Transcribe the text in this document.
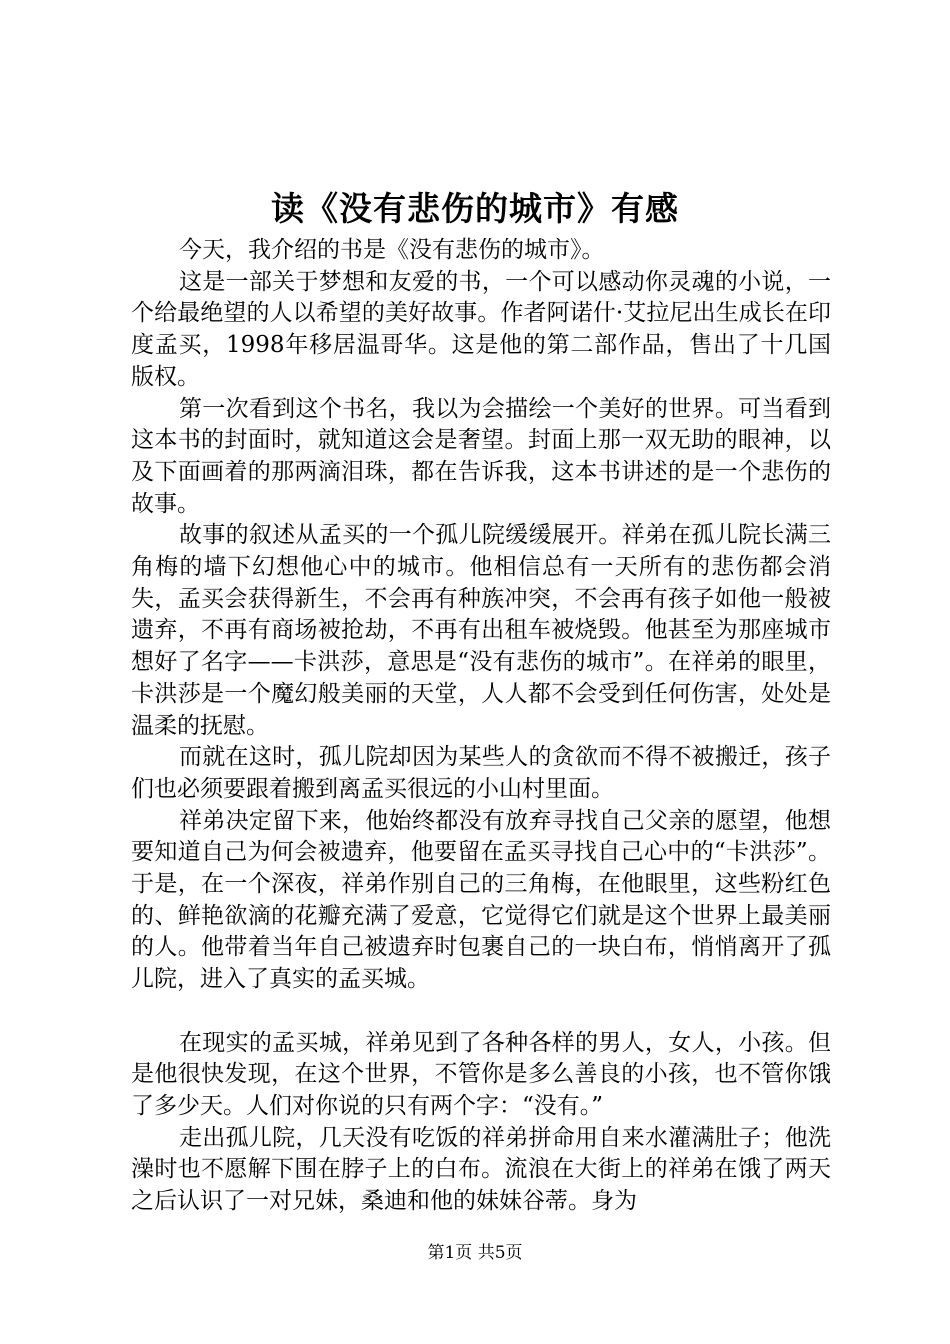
读《没有悲伤的城市》有感

今天，我介绍的书是《没有悲伤的城市》。

这是一部关于梦想和友爱的书，一个可以感动你灵魂的小说，一个给最绝望的人以希望的美好故事。作者阿诺什·艾拉尼出生成长在印度孟买，1998年移居温哥华。这是他的第二部作品，售出了十几国版权。

第一次看到这个书名，我以为会描绘一个美好的世界。可当看到这本书的封面时，就知道这会是奢望。封面上那一双无助的眼神，以及下面画着的那两滴泪珠，都在告诉我，这本书讲述的是一个悲伤的故事。

故事的叙述从孟买的一个孤儿院缓缓展开。祥弟在孤儿院长满三角梅的墙下幻想他心中的城市。他相信总有一天所有的悲伤都会消失，孟买会获得新生，不会再有种族冲突，不会再有孩子如他一般被遗弃，不再有商场被抢劫，不再有出租车被烧毁。他甚至为那座城市想好了名字——卡洪莎，意思是“没有悲伤的城市”。在祥弟的眼里，卡洪莎是一个魔幻般美丽的天堂，人人都不会受到任何伤害，处处是温柔的抚慰。

而就在这时，孤儿院却因为某些人的贪欲而不得不被搬迁，孩子们也必须要跟着搬到离孟买很远的小山村里面。

祥弟决定留下来，他始终都没有放弃寻找自己父亲的愿望，他想要知道自己为何会被遗弃，他要留在孟买寻找自己心中的“卡洪莎”。于是，在一个深夜，祥弟作别自己的三角梅，在他眼里，这些粉红色的、鲜艳欲滴的花瓣充满了爱意，它觉得它们就是这个世界上最美丽的人。他带着当年自己被遗弃时包裹自己的一块白布，悄悄离开了孤儿院，进入了真实的孟买城。

在现实的孟买城，祥弟见到了各种各样的男人，女人，小孩。但是他很快发现，在这个世界，不管你是多么善良的小孩，也不管你饿了多少天。人们对你说的只有两个字：“没有。”

走出孤儿院，几天没有吃饭的祥弟拼命用自来水灌满肚子；他洗澡时也不愿解下围在脖子上的白布。流浪在大街上的祥弟在饿了两天之后认识了一对兄妹，桑迪和他的妹妹谷蒂。身为

第1页 共5页
